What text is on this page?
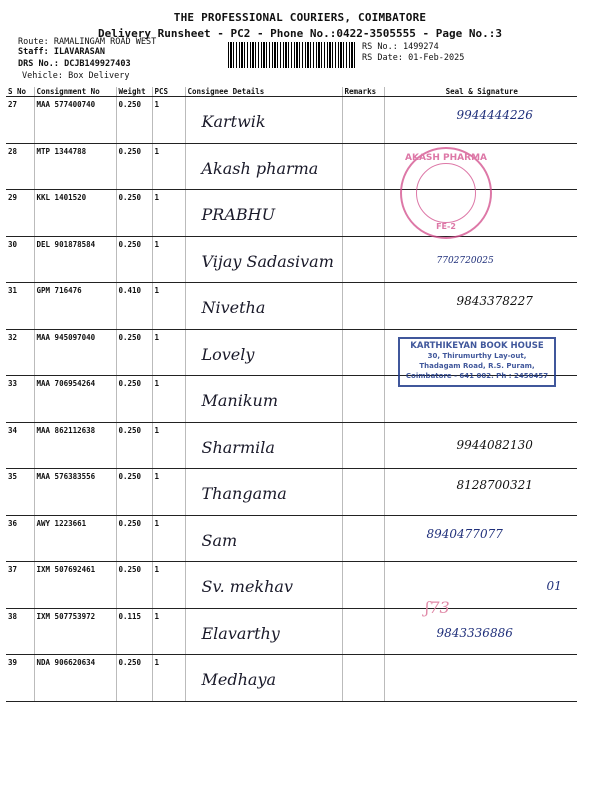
THE PROFESSIONAL COURIERS, COIMBATORE
Delivery Runsheet - PC2 - Phone No.:0422-3505555 - Page No.:3
Route: RAMALINGAM ROAD WEST
Staff: ILAVARASAN
DRS No.: DCJB149927403
Vehicle: Box Delivery
RS No.: 1499274
RS Date: 01-Feb-2025
S No	Consignment No	Weight	PCS	Consignee Details	Remarks	Seal & Signature
27	MAA 577400740	0.250	1	Kartwik		9944444226
28	MTP 1344788	0.250	1	Akash pharma		

29	KKL 1401520	0.250	1	PRABHU		

30	DEL 901878584	0.250	1	Vijay Sadasivam		7702720025
31	GPM 716476	0.410	1	Nivetha		9843378227
32	MAA 945097040	0.250	1	Lovely		

33	MAA 706954264	0.250	1	Manikum		

34	MAA 862112638	0.250	1	Sharmila		9944082130
35	MAA 576383556	0.250	1	Thangama		8128700321
36	AWY 1223661	0.250	1	Sam		8940477077
37	IXM 507692461	0.250	1	Sv. mekhav		01
38	IXM 507753972	0.115	1	Elavarthy		9843336886
39	NDA 906620634	0.250	1	Medhaya		

AKASH PHARMA
FE-2
KARTHIKEYAN BOOK HOUSE
30, Thirumurthy Lay-out,
Thadagam Road, R.S. Puram,
Coimbatore - 641 002. Ph : 2450457
ʃ73
